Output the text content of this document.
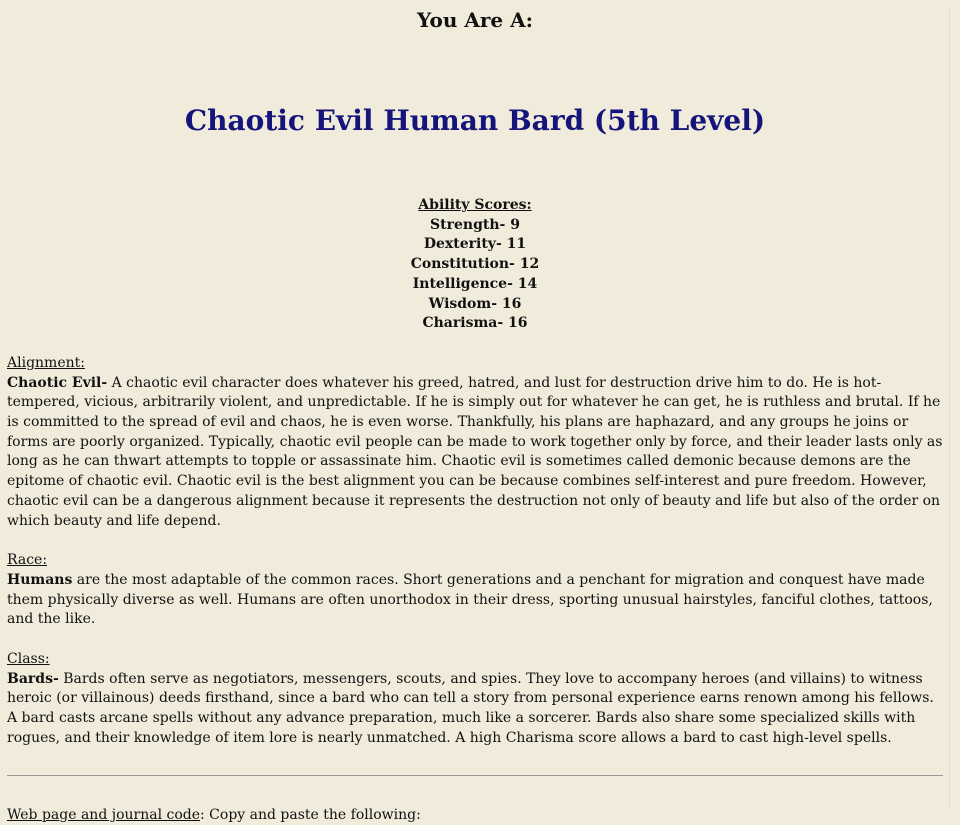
You Are A:
Chaotic Evil Human Bard (5th Level)
Ability Scores:
Strength- 9
Dexterity- 11
Constitution- 12
Intelligence- 14
Wisdom- 16
Charisma- 16
Alignment:

Chaotic Evil- A chaotic evil character does whatever his greed, hatred, and lust for destruction drive him to do. He is hot-tempered, vicious, arbitrarily violent, and unpredictable. If he is simply out for whatever he can get, he is ruthless and brutal. If he is committed to the spread of evil and chaos, he is even worse. Thankfully, his plans are haphazard, and any groups he joins or forms are poorly organized. Typically, chaotic evil people can be made to work together only by force, and their leader lasts only as long as he can thwart attempts to topple or assassinate him. Chaotic evil is sometimes called demonic because demons are the epitome of chaotic evil. Chaotic evil is the best alignment you can be because combines self-interest and pure freedom. However, chaotic evil can be a dangerous alignment because it represents the destruction not only of beauty and life but also of the order on which beauty and life depend.

Race:

Humans are the most adaptable of the common races. Short generations and a penchant for migration and conquest have made them physically diverse as well. Humans are often unorthodox in their dress, sporting unusual hairstyles, fanciful clothes, tattoos, and the like.

Class:

Bards- Bards often serve as negotiators, messengers, scouts, and spies. They love to accompany heroes (and villains) to witness heroic (or villainous) deeds firsthand, since a bard who can tell a story from personal experience earns renown among his fellows. A bard casts arcane spells without any advance preparation, much like a sorcerer. Bards also share some specialized skills with rogues, and their knowledge of item lore is nearly unmatched. A high Charisma score allows a bard to cast high-level spells.

Web page and journal code: Copy and paste the following:
